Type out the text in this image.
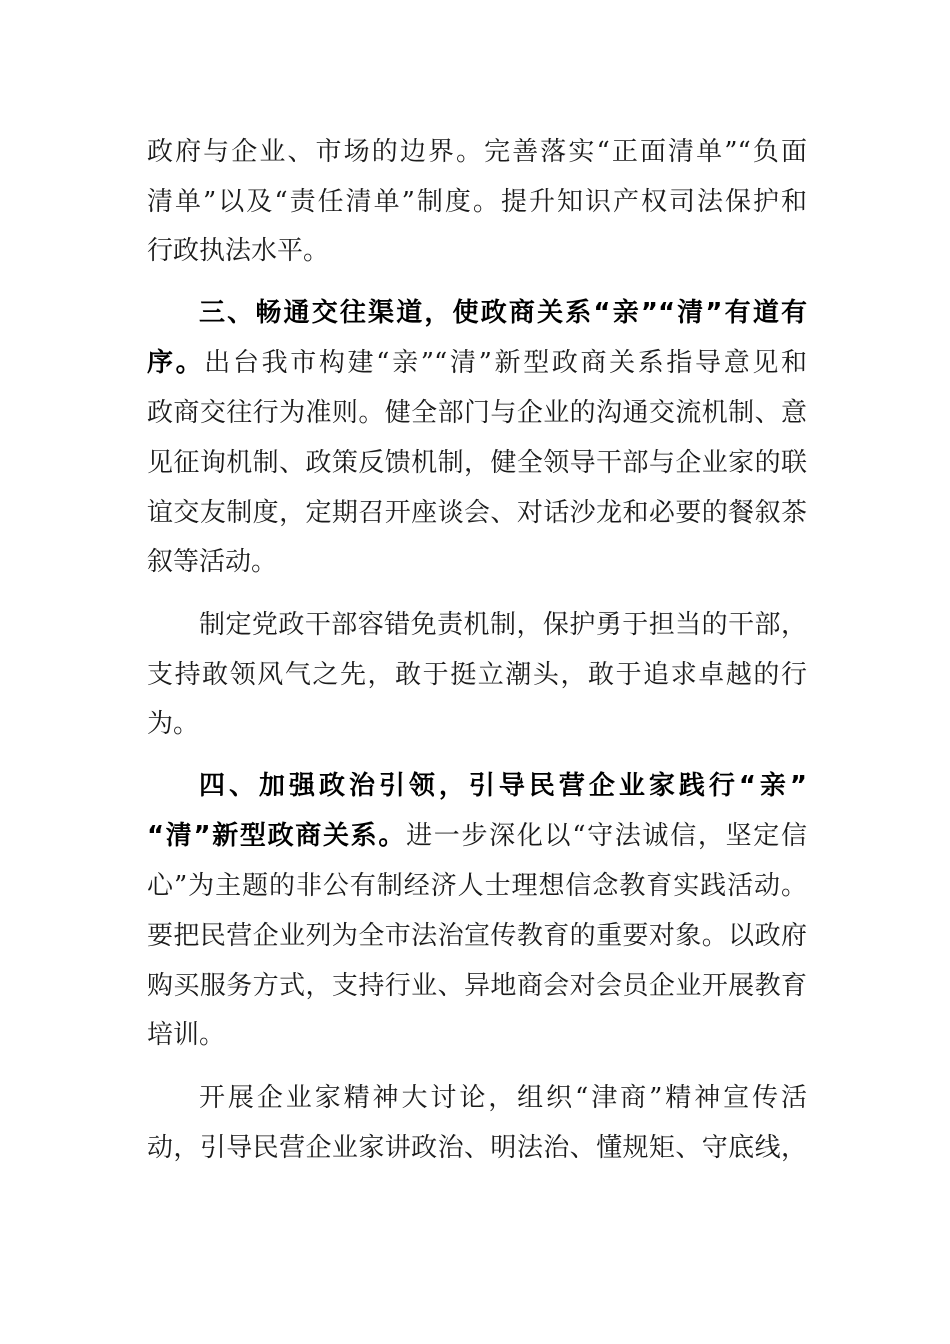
政府与企业、市场的边界。完善落实“正面清单”“负面
清单”以及“责任清单”制度。提升知识产权司法保护和
行政执法水平。
三、畅通交往渠道，使政商关系“亲”“清”有道有
序。出台我市构建“亲”“清”新型政商关系指导意见和
政商交往行为准则。健全部门与企业的沟通交流机制、意
见征询机制、政策反馈机制，健全领导干部与企业家的联
谊交友制度，定期召开座谈会、对话沙龙和必要的餐叙茶
叙等活动。
制定党政干部容错免责机制，保护勇于担当的干部，
支持敢领风气之先，敢于挺立潮头，敢于追求卓越的行
为。
四、加强政治引领，引导民营企业家践行“亲”
“清”新型政商关系。进一步深化以“守法诚信，坚定信
心”为主题的非公有制经济人士理想信念教育实践活动。
要把民营企业列为全市法治宣传教育的重要对象。以政府
购买服务方式，支持行业、异地商会对会员企业开展教育
培训。
开展企业家精神大讨论，组织“津商”精神宣传活
动，引导民营企业家讲政治、明法治、懂规矩、守底线，
